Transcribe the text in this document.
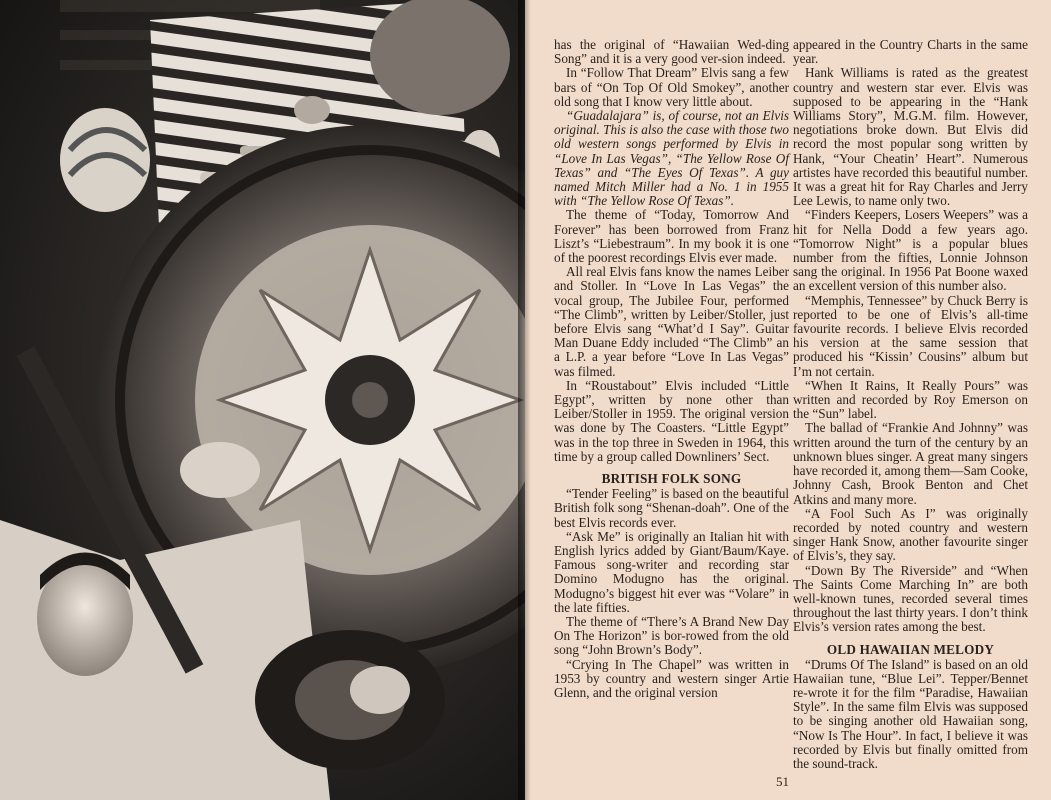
has the original of “Hawaiian Wed-ding Song” and it is a very good ver-sion indeed.

In “Follow That Dream” Elvis sang a few bars of “On Top Of Old Smokey”, another old song that I know very little about.

“Guadalajara” is, of course, not an Elvis original. This is also the case with those two old western songs performed by Elvis in “Love In Las Vegas”, “The Yellow Rose Of Texas” and “The Eyes Of Texas”. A guy named Mitch Miller had a No. 1 in 1955 with “The Yellow Rose Of Texas”.

The theme of “Today, Tomorrow And Forever” has been borrowed from Franz Liszt’s “Liebestraum”. In my book it is one of the poorest recordings Elvis ever made.

All real Elvis fans know the names Leiber and Stoller. In “Love In Las Vegas” the vocal group, The Jubilee Four, performed “The Climb”, written by Leiber/Stoller, just before Elvis sang “What’d I Say”. Guitar Man Duane Eddy included “The Climb” an a L.P. a year before “Love In Las Vegas” was filmed.

In “Roustabout” Elvis included “Little Egypt”, written by none other than Leiber/Stoller in 1959. The original version was done by The Coasters. “Little Egypt” was in the top three in Sweden in 1964, this time by a group called Downliners’ Sect.

BRITISH FOLK SONG

“Tender Feeling” is based on the beautiful British folk song “Shenan-doah”. One of the best Elvis records ever.

“Ask Me” is originally an Italian hit with English lyrics added by Giant/Baum/Kaye. Famous song-writer and recording star Domino Modugno has the original. Modugno’s biggest hit ever was “Volare” in the late fifties.

The theme of “There’s A Brand New Day On The Horizon” is bor-rowed from the old song “John Brown’s Body”.

“Crying In The Chapel” was written in 1953 by country and western singer Artie Glenn, and the original version

appeared in the Country Charts in the same year.

Hank Williams is rated as the greatest country and western star ever. Elvis was supposed to be appearing in the “Hank Williams Story”, M.G.M. film. However, negotiations broke down. But Elvis did record the most popular song written by Hank, “Your Cheatin’ Heart”. Numerous artistes have recorded this beautiful number. It was a great hit for Ray Charles and Jerry Lee Lewis, to name only two.

“Finders Keepers, Losers Weepers” was a hit for Nella Dodd a few years ago. “Tomorrow Night” is a popular blues number from the fifties, Lonnie Johnson sang the original. In 1956 Pat Boone waxed an excellent version of this number also.

“Memphis, Tennessee” by Chuck Berry is reported to be one of Elvis’s all-time favourite records. I believe Elvis recorded his version at the same session that produced his “Kissin’ Cousins” album but I’m not certain.

“When It Rains, It Really Pours” was written and recorded by Roy Emerson on the “Sun” label.

The ballad of “Frankie And Johnny” was written around the turn of the century by an unknown blues singer. A great many singers have recorded it, among them—Sam Cooke, Johnny Cash, Brook Benton and Chet Atkins and many more.

“A Fool Such As I” was originally recorded by noted country and western singer Hank Snow, another favourite singer of Elvis’s, they say.

“Down By The Riverside” and “When The Saints Come Marching In” are both well-known tunes, recorded several times throughout the last thirty years. I don’t think Elvis’s version rates among the best.

OLD HAWAIIAN MELODY

“Drums Of The Island” is based on an old Hawaiian tune, “Blue Lei”. Tepper/Bennet re-wrote it for the film “Paradise, Hawaiian Style”. In the same film Elvis was supposed to be singing another old Hawaiian song, “Now Is The Hour”. In fact, I believe it was recorded by Elvis but finally omitted from the sound-track.

51
